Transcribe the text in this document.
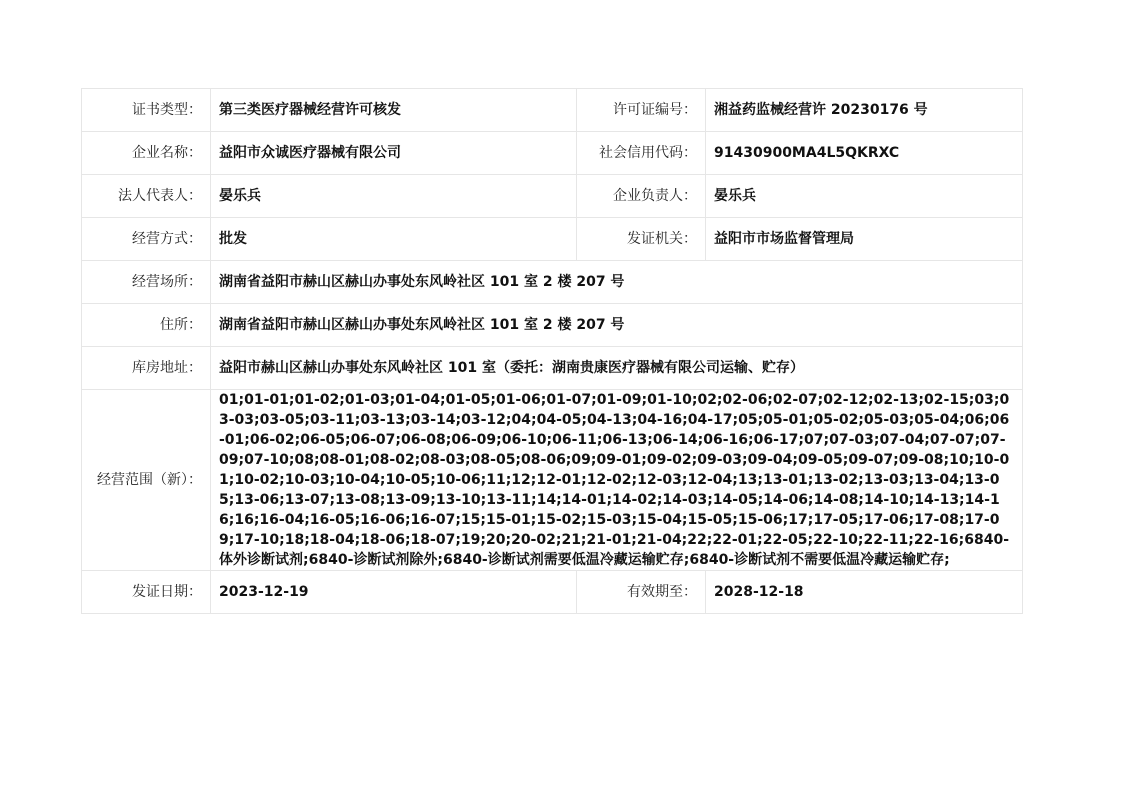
证书类型：	第三类医疗器械经营许可核发	许可证编号：	湘益药监械经营许 20230176 号
企业名称：	益阳市众诚医疗器械有限公司	社会信用代码：	91430900MA4L5QKRXC
法人代表人：	晏乐兵	企业负责人：	晏乐兵
经营方式：	批发	发证机关：	益阳市市场监督管理局
经营场所：	湖南省益阳市赫山区赫山办事处东风岭社区 101 室 2 楼 207 号		
住所：	湖南省益阳市赫山区赫山办事处东风岭社区 101 室 2 楼 207 号		
库房地址：	益阳市赫山区赫山办事处东风岭社区 101 室（委托：湖南贵康医疗器械有限公司运输、贮存）		
经营范围（新）：	01;01-01;01-02;01-03;01-04;01-05;01-06;01-07;01-09;01-10;02;02-06;02-07;02-12;02-13;02-15;03;03-03;03-05;03-11;03-13;03-14;03-12;04;04-05;04-13;04-16;04-17;05;05-01;05-02;05-03;05-04;06;06-01;06-02;06-05;06-07;06-08;06-09;06-10;06-11;06-13;06-14;06-16;06-17;07;07-03;07-04;07-07;07-09;07-10;08;08-01;08-02;08-03;08-05;08-06;09;09-01;09-02;09-03;09-04;09-05;09-07;09-08;10;10-01;10-02;10-03;10-04;10-05;10-06;11;12;12-01;12-02;12-03;12-04;13;13-01;13-02;13-03;13-04;13-05;13-06;13-07;13-08;13-09;13-10;13-11;14;14-01;14-02;14-03;14-05;14-06;14-08;14-10;14-13;14-16;16;16-04;16-05;16-06;16-07;15;15-01;15-02;15-03;15-04;15-05;15-06;17;17-05;17-06;17-08;17-09;17-10;18;18-04;18-06;18-07;19;20;20-02;21;21-01;21-04;22;22-01;22-05;22-10;22-11;22-16;6840-体外诊断试剂;6840-诊断试剂除外;6840-诊断试剂需要低温冷藏运输贮存;6840-诊断试剂不需要低温冷藏运输贮存;		
发证日期：	2023-12-19	有效期至：	2028-12-18
